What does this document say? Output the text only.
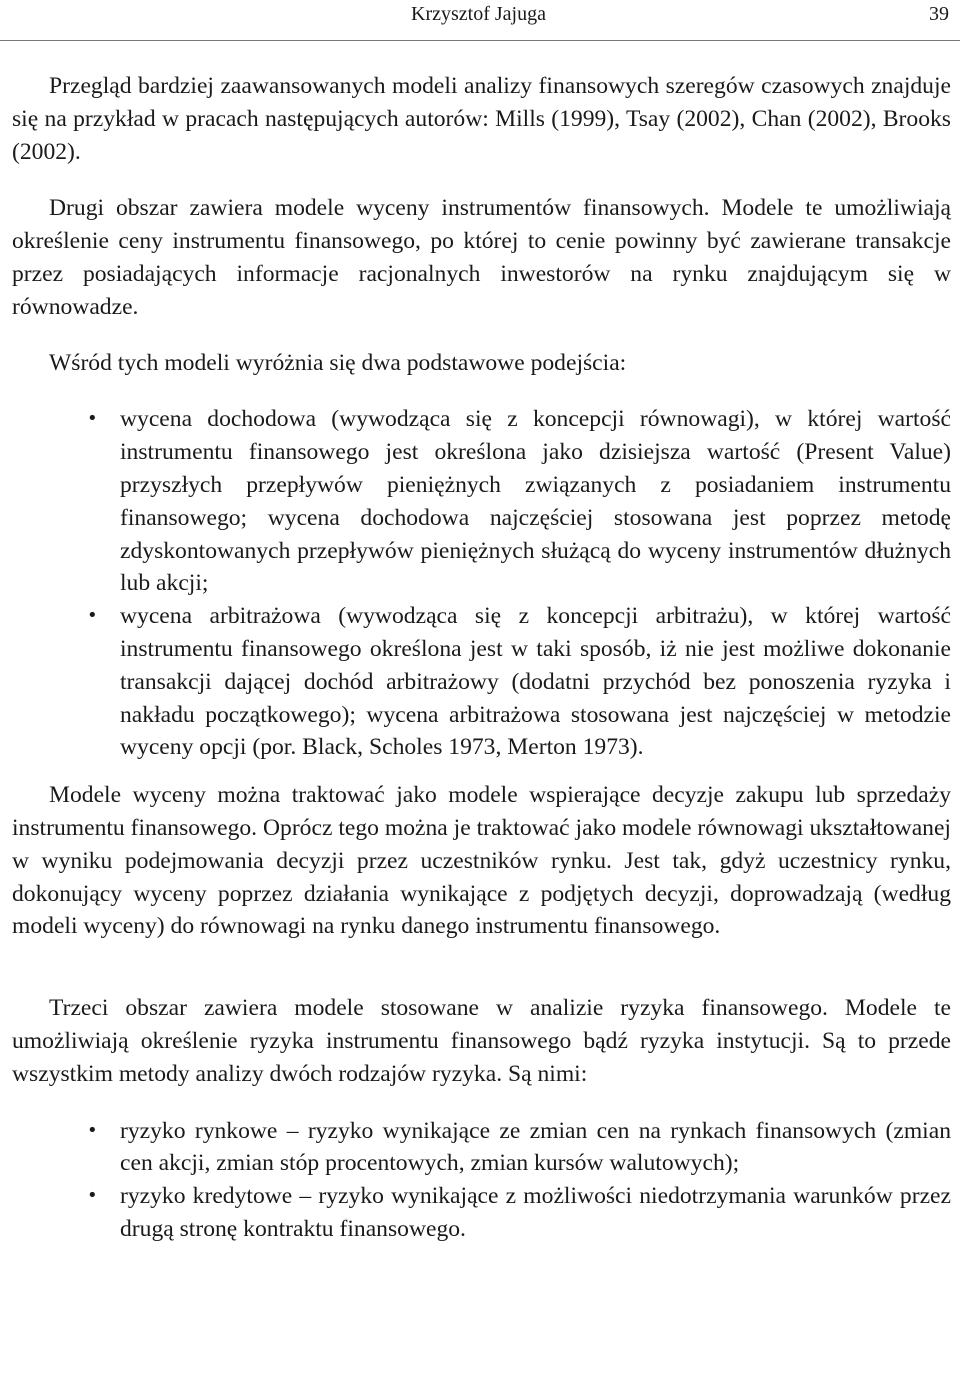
Krzysztof Jajuga	39

Przegląd bardziej zaawansowanych modeli analizy finansowych szeregów czasowych znajduje się na przykład w pracach następujących autorów: Mills (1999), Tsay (2002), Chan (2002), Brooks (2002).

Drugi obszar zawiera modele wyceny instrumentów finansowych. Modele te umożliwiają określenie ceny instrumentu finansowego, po której to cenie powinny być zawierane transakcje przez posiadających informacje racjonalnych inwestorów na rynku znajdującym się w równowadze.

Wśród tych modeli wyróżnia się dwa podstawowe podejścia:

• wycena dochodowa (wywodząca się z koncepcji równowagi), w której wartość instrumentu finansowego jest określona jako dzisiejsza wartość (Present Value) przyszłych przepływów pieniężnych związanych z posiadaniem instrumentu finansowego; wycena dochodowa najczęściej stosowana jest poprzez metodę zdyskontowanych przepływów pieniężnych służącą do wyceny instrumentów dłużnych lub akcji;
• wycena arbitrażowa (wywodząca się z koncepcji arbitrażu), w której wartość instrumentu finansowego określona jest w taki sposób, iż nie jest możliwe dokonanie transakcji dającej dochód arbitrażowy (dodatni przychód bez ponoszenia ryzyka i nakładu początkowego); wycena arbitrażowa stosowana jest najczęściej w metodzie wyceny opcji (por. Black, Scholes 1973, Merton 1973).

Modele wyceny można traktować jako modele wspierające decyzje zakupu lub sprzedaży instrumentu finansowego. Oprócz tego można je traktować jako modele równowagi ukształtowanej w wyniku podejmowania decyzji przez uczestników rynku. Jest tak, gdyż uczestnicy rynku, dokonujący wyceny poprzez działania wynikające z podjętych decyzji, doprowadzają (według modeli wyceny) do równowagi na rynku danego instrumentu finansowego.

Trzeci obszar zawiera modele stosowane w analizie ryzyka finansowego. Modele te umożliwiają określenie ryzyka instrumentu finansowego bądź ryzyka instytucji. Są to przede wszystkim metody analizy dwóch rodzajów ryzyka. Są nimi:

• ryzyko rynkowe – ryzyko wynikające ze zmian cen na rynkach finansowych (zmian cen akcji, zmian stóp procentowych, zmian kursów walutowych);
• ryzyko kredytowe – ryzyko wynikające z możliwości niedotrzymania warunków przez drugą stronę kontraktu finansowego.
